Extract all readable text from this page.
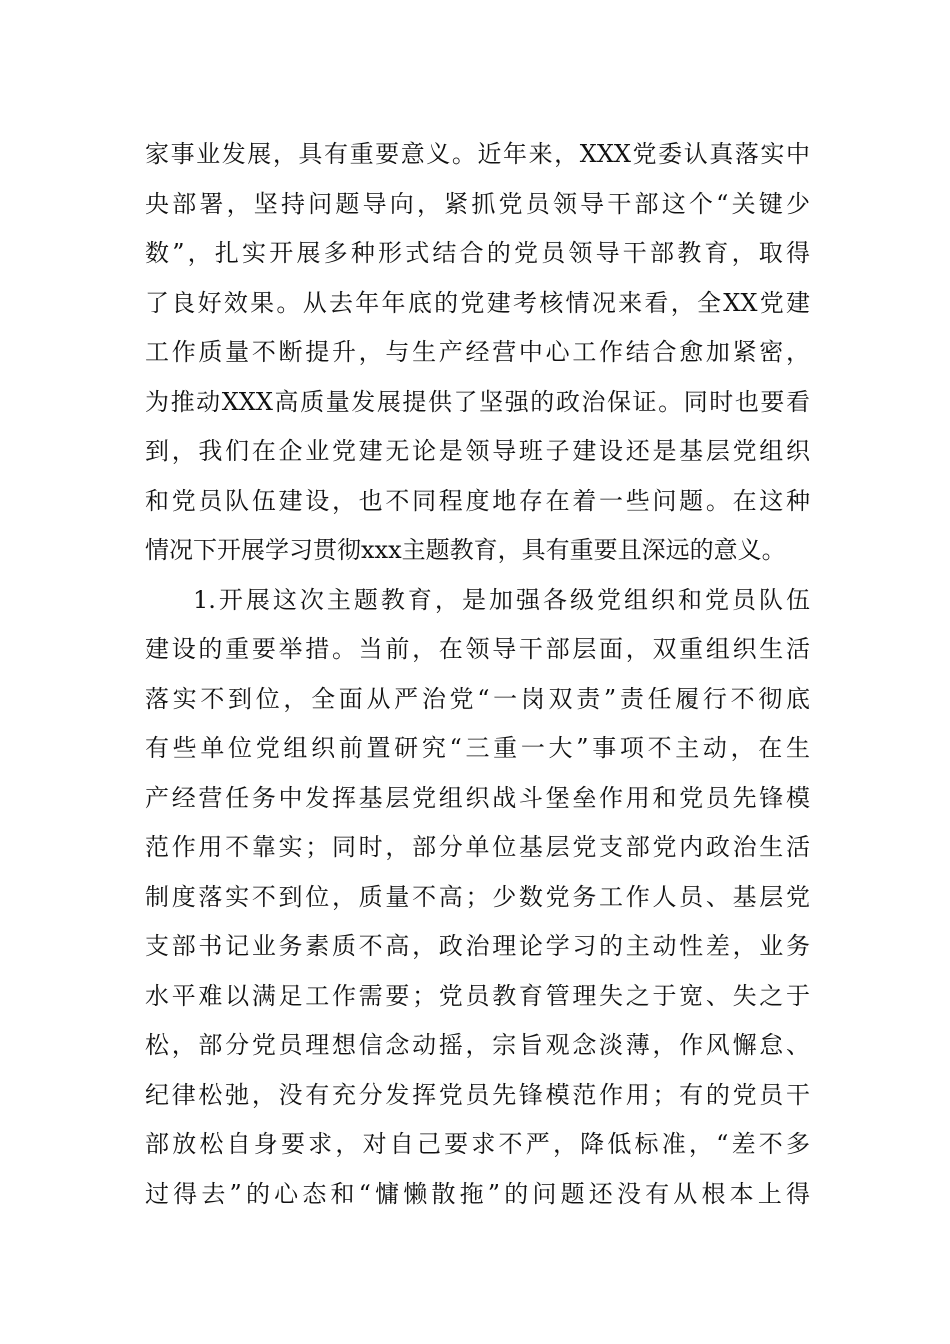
家事业发展，具有重要意义。近年来，XXX党委认真落实中
央部署，坚持问题导向，紧抓党员领导干部这个“关键少
数”，扎实开展多种形式结合的党员领导干部教育，取得
了良好效果。从去年年底的党建考核情况来看，全XX党建
工作质量不断提升，与生产经营中心工作结合愈加紧密，
为推动XXX高质量发展提供了坚强的政治保证。同时也要看
到，我们在企业党建无论是领导班子建设还是基层党组织
和党员队伍建设，也不同程度地存在着一些问题。在这种
情况下开展学习贯彻xxx主题教育，具有重要且深远的意义。
1.开展这次主题教育，是加强各级党组织和党员队伍
建设的重要举措。当前，在领导干部层面，双重组织生活
落实不到位，全面从严治党“一岗双责”责任履行不彻底
有些单位党组织前置研究“三重一大”事项不主动，在生
产经营任务中发挥基层党组织战斗堡垒作用和党员先锋模
范作用不靠实；同时，部分单位基层党支部党内政治生活
制度落实不到位，质量不高；少数党务工作人员、基层党
支部书记业务素质不高，政治理论学习的主动性差，业务
水平难以满足工作需要；党员教育管理失之于宽、失之于
松，部分党员理想信念动摇，宗旨观念淡薄，作风懈怠、
纪律松弛，没有充分发挥党员先锋模范作用；有的党员干
部放松自身要求，对自己要求不严，降低标准，“差不多
过得去”的心态和“慵懒散拖”的问题还没有从根本上得
